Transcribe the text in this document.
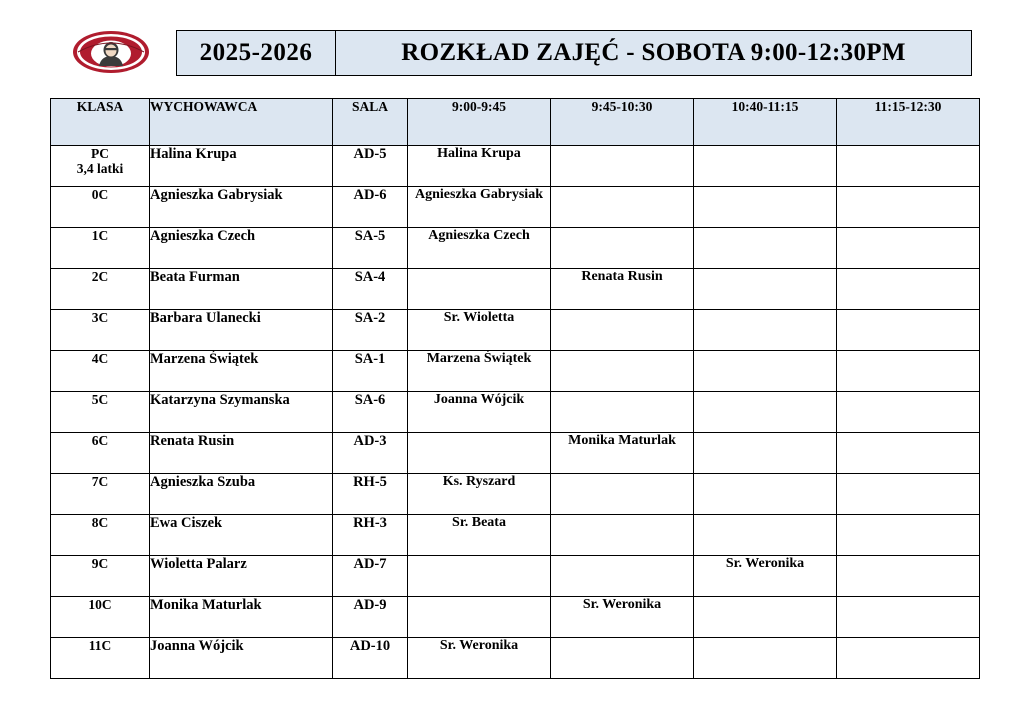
2025-2026	ROZKŁAD ZAJĘĆ - SOBOTA 9:00-12:30PM
KLASA	WYCHOWAWCA	SALA	9:00-9:45	9:45-10:30	10:40-11:15	11:15-12:30
PC
3,4 latki	Halina Krupa	AD-5	Halina Krupa			
0C	Agnieszka Gabrysiak	AD-6	Agnieszka Gabrysiak			
1C	Agnieszka Czech	SA-5	Agnieszka Czech			
2C	Beata Furman	SA-4		Renata Rusin		
3C	Barbara Ulanecki	SA-2	Sr. Wioletta			
4C	Marzena Świątek	SA-1	Marzena Świątek			
5C	Katarzyna Szymanska	SA-6	Joanna Wójcik			
6C	Renata Rusin	AD-3		Monika Maturlak		
7C	Agnieszka Szuba	RH-5	Ks. Ryszard			
8C	Ewa Ciszek	RH-3	Sr. Beata			
9C	Wioletta Palarz	AD-7			Sr. Weronika	
10C	Monika Maturlak	AD-9		Sr. Weronika		
11C	Joanna Wójcik	AD-10	Sr. Weronika			
